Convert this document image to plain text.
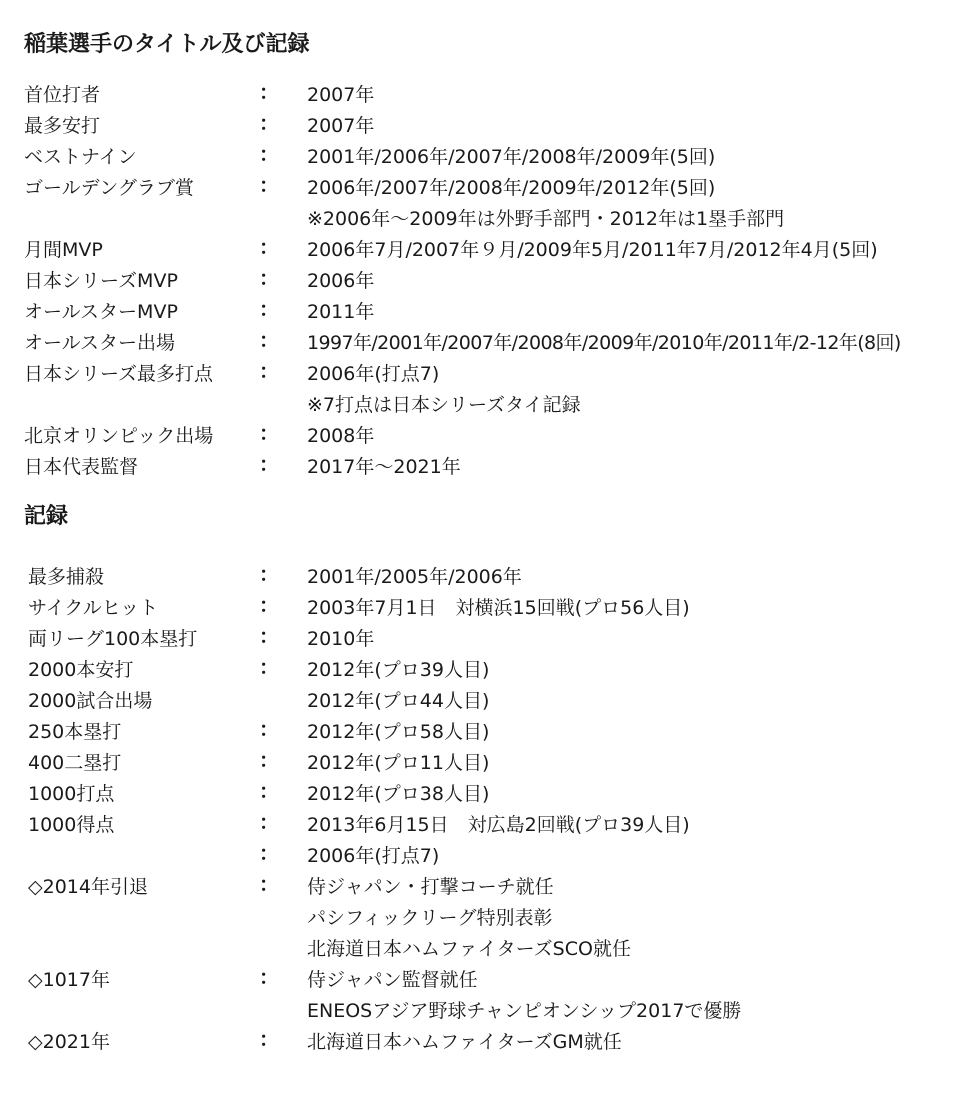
稲葉選手のタイトル及び記録
首位打者	： 2007年
最多安打	： 2007年
ベストナイン	： 2001年/2006年/2007年/2008年/2009年(5回)
ゴールデングラブ賞	： 2006年/2007年/2008年/2009年/2012年(5回)
※2006年～2009年は外野手部門・2012年は1塁手部門
月間MVP	： 2006年7月/2007年９月/2009年5月/2011年7月/2012年4月(5回)
日本シリーズMVP	： 2006年
オールスターMVP	： 2011年
オールスター出場	： 1997年/2001年/2007年/2008年/2009年/2010年/2011年/2-12年(8回)
日本シリーズ最多打点 ： 2006年(打点7)
※7打点は日本シリーズタイ記録
北京オリンピック出場 ： 2008年
日本代表監督	： 2017年～2021年
記録
最多捕殺	： 2001年/2005年/2006年
サイクルヒット	： 2003年7月1日　対横浜15回戦(プロ56人目)
両リーグ100本塁打	： 2010年
2000本安打	： 2012年(プロ39人目)
2000試合出場	2012年(プロ44人目)
250本塁打	： 2012年(プロ58人目)
400二塁打	： 2012年(プロ11人目)
1000打点	： 2012年(プロ38人目)
1000得点	： 2013年6月15日　対広島2回戦(プロ39人目)
： 2006年(打点7)
◇2014年引退	： 侍ジャパン・打撃コーチ就任
パシフィックリーグ特別表彰
北海道日本ハムファイターズSCO就任
◇1017年	： 侍ジャパン監督就任
ENEOSアジア野球チャンピオンシップ2017で優勝
◇2021年	： 北海道日本ハムファイターズGM就任
